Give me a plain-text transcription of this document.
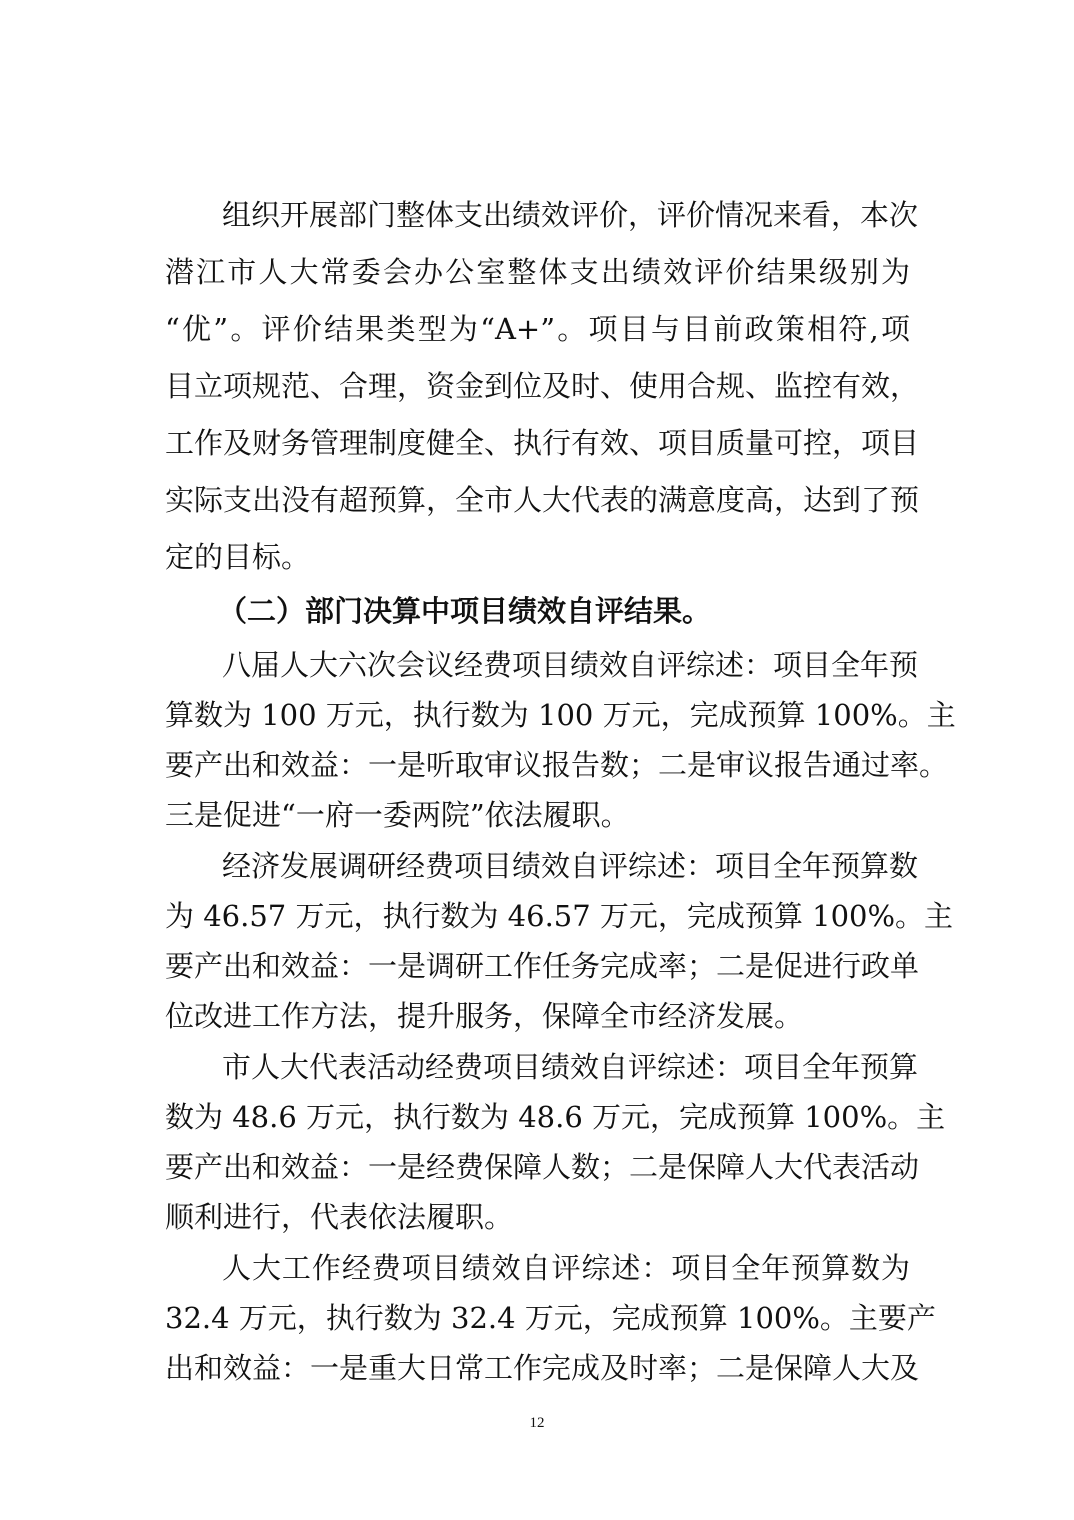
组织开展部门整体支出绩效评价，评价情况来看，本次
潜江市人大常委会办公室整体支出绩效评价结果级别为
“优”。评价结果类型为“A+”。项目与目前政策相符,项
目立项规范、合理，资金到位及时、使用合规、监控有效，
工作及财务管理制度健全、执行有效、项目质量可控，项目
实际支出没有超预算，全市人大代表的满意度高，达到了预
定的目标。
（二）部门决算中项目绩效自评结果。
八届人大六次会议经费项目绩效自评综述：项目全年预
算数为 100 万元，执行数为 100 万元，完成预算 100%。主
要产出和效益：一是听取审议报告数；二是审议报告通过率。
三是促进“一府一委两院”依法履职。
经济发展调研经费项目绩效自评综述：项目全年预算数
为 46.57 万元，执行数为 46.57 万元，完成预算 100%。主
要产出和效益：一是调研工作任务完成率；二是促进行政单
位改进工作方法，提升服务，保障全市经济发展。
市人大代表活动经费项目绩效自评综述：项目全年预算
数为 48.6 万元，执行数为 48.6 万元，完成预算 100%。主
要产出和效益：一是经费保障人数；二是保障人大代表活动
顺利进行，代表依法履职。
人大工作经费项目绩效自评综述：项目全年预算数为
32.4 万元，执行数为 32.4 万元，完成预算 100%。主要产
出和效益：一是重大日常工作完成及时率；二是保障人大及
12
